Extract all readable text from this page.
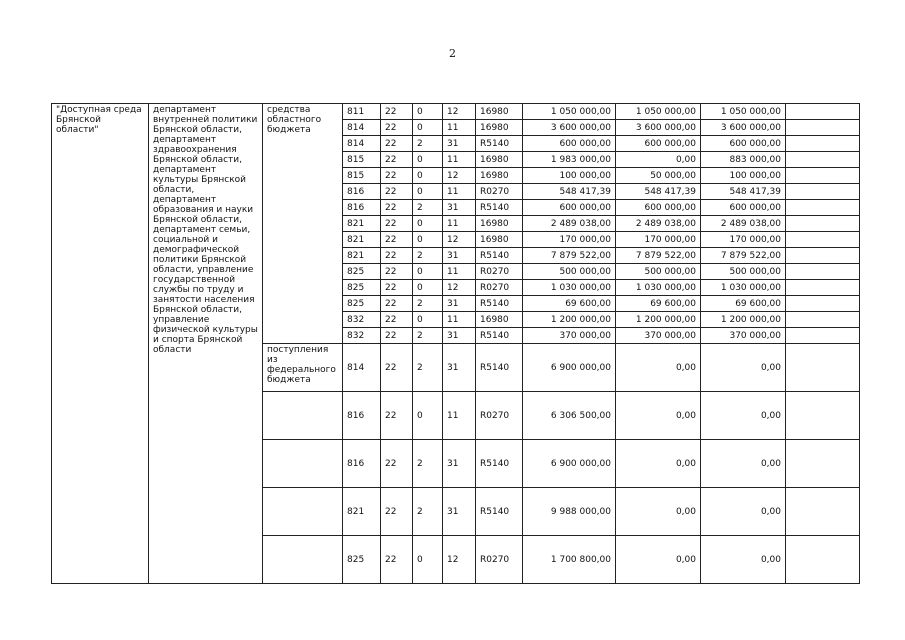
2
"Доступная среда Брянской области"	департамент внутренней политики Брянской области, департамент здравоохранения Брянской области, департамент культуры Брянской области, департамент образования и науки Брянской области, департамент семьи, социальной и демографической политики Брянской области, управление государственной службы по труду и занятости населения Брянской области, управление физической культуры и спорта Брянской области	средства областного бюджета	811	22	0	12	16980	1 050 000,00	1 050 000,00	1 050 000,00	
			814	22	0	11	16980	3 600 000,00	3 600 000,00	3 600 000,00	
			814	22	2	31	R5140	600 000,00	600 000,00	600 000,00	
			815	22	0	11	16980	1 983 000,00	0,00	883 000,00	
			815	22	0	12	16980	100 000,00	50 000,00	100 000,00	
			816	22	0	11	R0270	548 417,39	548 417,39	548 417,39	
			816	22	2	31	R5140	600 000,00	600 000,00	600 000,00	
			821	22	0	11	16980	2 489 038,00	2 489 038,00	2 489 038,00	
			821	22	0	12	16980	170 000,00	170 000,00	170 000,00	
			821	22	2	31	R5140	7 879 522,00	7 879 522,00	7 879 522,00	
			825	22	0	11	R0270	500 000,00	500 000,00	500 000,00	
			825	22	0	12	R0270	1 030 000,00	1 030 000,00	1 030 000,00	
			825	22	2	31	R5140	69 600,00	69 600,00	69 600,00	
			832	22	0	11	16980	1 200 000,00	1 200 000,00	1 200 000,00	
			832	22	2	31	R5140	370 000,00	370 000,00	370 000,00	
		поступления из федерального бюджета	814	22	2	31	R5140	6 900 000,00	0,00	0,00	
			816	22	0	11	R0270	6 306 500,00	0,00	0,00	
			816	22	2	31	R5140	6 900 000,00	0,00	0,00	
			821	22	2	31	R5140	9 988 000,00	0,00	0,00	
			825	22	0	12	R0270	1 700 800,00	0,00	0,00	
